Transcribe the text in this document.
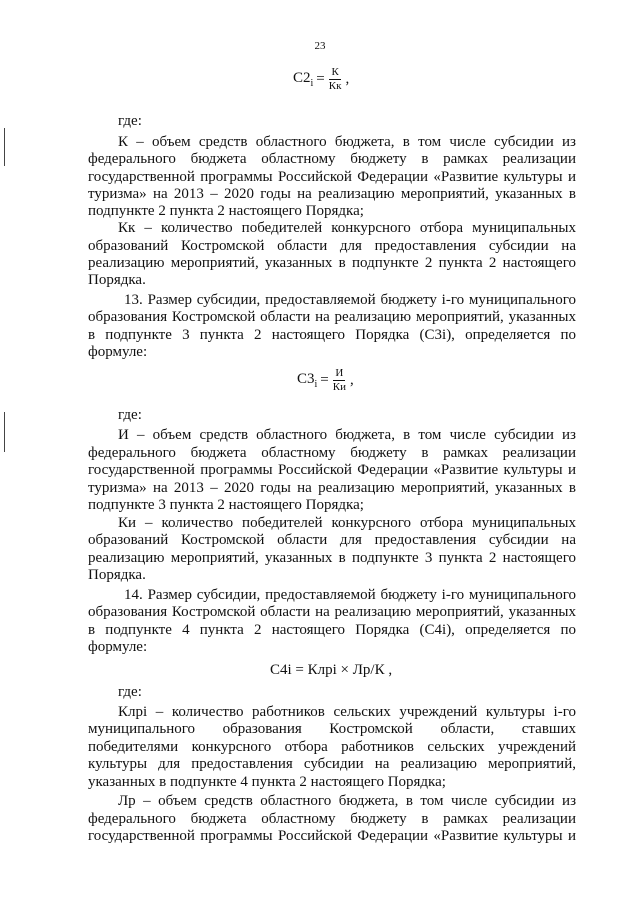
23
$C2_i = \frac{К}{Кк}$ ,
где:
К – объем средств областного бюджета, в том числе субсидии из
федерального бюджета областному бюджету в рамках реализации
государственной программы Российской Федерации «Развитие культуры и
туризма» на 2013 – 2020 годы на реализацию мероприятий, указанных в
подпункте 2 пункта 2 настоящего Порядка;
Кк – количество победителей конкурсного отбора муниципальных
образований Костромской области для предоставления субсидии на
реализацию мероприятий, указанных в подпункте 2 пункта 2 настоящего
Порядка.
13. Размер субсидии, предоставляемой бюджету i-го муниципального
образования Костромской области на реализацию мероприятий, указанных
в подпункте 3 пункта 2 настоящего Порядка (C3i), определяется по
формуле:
$C3_i = \frac{И}{Ки}$ ,
где:
И – объем средств областного бюджета, в том числе субсидии из
федерального бюджета областному бюджету в рамках реализации
государственной программы Российской Федерации «Развитие культуры и
туризма» на 2013 – 2020 годы на реализацию мероприятий, указанных в
подпункте 3 пункта 2 настоящего Порядка;
Ки – количество победителей конкурсного отбора муниципальных
образований Костромской области для предоставления субсидии на
реализацию мероприятий, указанных в подпункте 3 пункта 2 настоящего
Порядка.
14. Размер субсидии, предоставляемой бюджету i-го муниципального
образования Костромской области на реализацию мероприятий, указанных
в подпункте 4 пункта 2 настоящего Порядка (C4i), определяется по
формуле:
C4i = Клрi × Лр/К ,
где:
Клрi – количество работников сельских учреждений культуры i-го
муниципального образования Костромской области, ставших
победителями конкурсного отбора работников сельских учреждений
культуры для предоставления субсидии на реализацию мероприятий,
указанных в подпункте 4 пункта 2 настоящего Порядка;
Лр – объем средств областного бюджета, в том числе субсидии из
федерального бюджета областному бюджету в рамках реализации
государственной программы Российской Федерации «Развитие культуры и
